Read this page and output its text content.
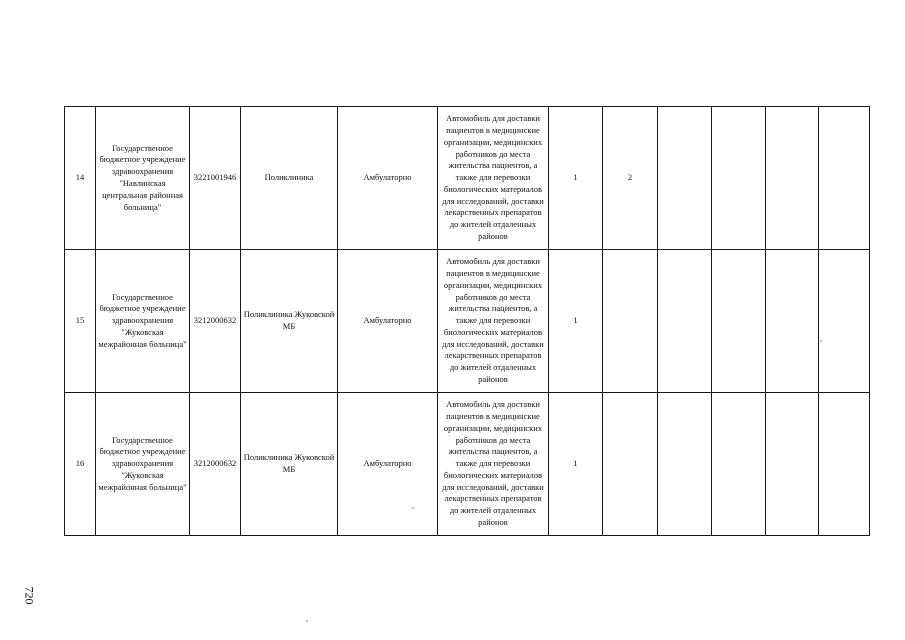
14	Государственное бюджетное учреждение здравоохранения "Навлинская центральная районная больница"	3221001946	Поликлиника	Амбулаторно	Автомобиль для доставки пациентов в медицинские организации, медицинских работников до места жительства пациентов, а также для перевозки биологических материалов для исследований, доставки лекарственных препаратов до жителей отдаленных районов	1	2				
15	Государственное бюджетное учреждение здравоохранения "Жуковская межрайонная больница"	3212000632	Поликлиника Жуковской МБ	Амбулаторно	Автомобиль для доставки пациентов в медицинские организации, медицинских работников до места жительства пациентов, а также для перевозки биологических материалов для исследований, доставки лекарственных препаратов до жителей отдаленных районов	1					
16	Государственное бюджетное учреждение здравоохранения "Жуковская межрайонная больница"	3212000632	Поликлиника Жуковской МБ	Амбулаторно	Автомобиль для доставки пациентов в медицинские организации, медицинских работников до места жительства пациентов, а также для перевозки биологических материалов для исследований, доставки лекарственных препаратов до жителей отдаленных районов	1					
720
